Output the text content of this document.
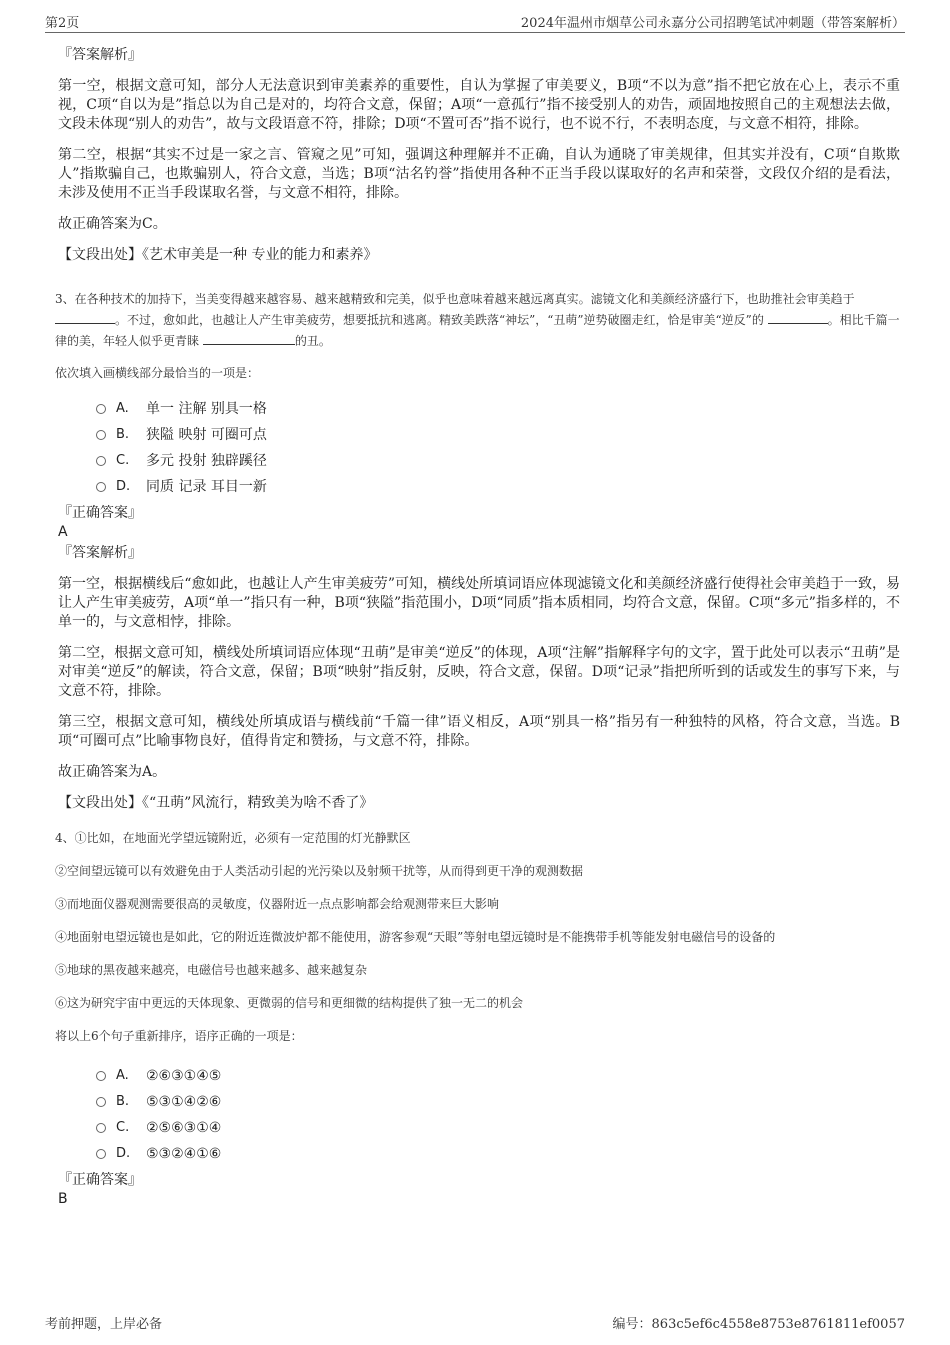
第2页	2024年温州市烟草公司永嘉分公司招聘笔试冲刺题（带答案解析）
『答案解析』

第一空，根据文意可知，部分人无法意识到审美素养的重要性，自认为掌握了审美要义，B项“不以为意”指不把它放在心上，表示不重视，C项“自以为是”指总以为自己是对的，均符合文意，保留；A项“一意孤行”指不接受别人的劝告，顽固地按照自己的主观想法去做，文段未体现“别人的劝告”，故与文段语意不符，排除；D项“不置可否”指不说行，也不说不行，不表明态度，与文意不相符，排除。

第二空，根据“其实不过是一家之言、管窥之见”可知，强调这种理解并不正确，自认为通晓了审美规律，但其实并没有，C项“自欺欺人”指欺骗自己，也欺骗别人，符合文意，当选；B项“沽名钓誉”指使用各种不正当手段以谋取好的名声和荣誉，文段仅介绍的是看法，未涉及使用不正当手段谋取名誉，与文意不相符，排除。

故正确答案为C。

【文段出处】《艺术审美是一种 专业的能力和素养》

3、在各种技术的加持下，当美变得越来越容易、越来越精致和完美，似乎也意味着越来越远离真实。滤镜文化和美颜经济盛行下，也助推社会审美趋于 。不过，愈如此，也越让人产生审美疲劳，想要抵抗和逃离。精致美跌落“神坛”，“丑萌”逆势破圈走红，恰是审美“逆反”的	。相比千篇一律的美，年轻人似乎更青睐	的丑。

依次填入画横线部分最恰当的一项是：

A.	单一 注解 别具一格
B.	狭隘 映射 可圈可点
C.	多元 投射 独辟蹊径
D.	同质 记录 耳目一新
『正确答案』

A

『答案解析』

第一空，根据横线后“愈如此，也越让人产生审美疲劳”可知，横线处所填词语应体现滤镜文化和美颜经济盛行使得社会审美趋于一致，易让人产生审美疲劳，A项“单一”指只有一种，B项“狭隘”指范围小，D项“同质”指本质相同，均符合文意，保留。C项“多元”指多样的，不单一的，与文意相悖，排除。

第二空，根据文意可知，横线处所填词语应体现“丑萌”是审美“逆反”的体现，A项“注解”指解释字句的文字，置于此处可以表示“丑萌”是对审美“逆反”的解读，符合文意，保留；B项“映射”指反射，反映，符合文意，保留。D项“记录”指把所听到的话或发生的事写下来，与文意不符，排除。

第三空，根据文意可知，横线处所填成语与横线前“千篇一律”语义相反，A项“别具一格”指另有一种独特的风格，符合文意，当选。B项“可圈可点”比喻事物良好，值得肯定和赞扬，与文意不符，排除。

故正确答案为A。

【文段出处】《“丑萌”风流行，精致美为啥不香了》

4、①比如，在地面光学望远镜附近，必须有一定范围的灯光静默区

②空间望远镜可以有效避免由于人类活动引起的光污染以及射频干扰等，从而得到更干净的观测数据

③而地面仪器观测需要很高的灵敏度，仪器附近一点点影响都会给观测带来巨大影响

④地面射电望远镜也是如此，它的附近连微波炉都不能使用，游客参观“天眼”等射电望远镜时是不能携带手机等能发射电磁信号的设备的

⑤地球的黑夜越来越亮，电磁信号也越来越多、越来越复杂

⑥这为研究宇宙中更远的天体现象、更微弱的信号和更细微的结构提供了独一无二的机会

将以上6个句子重新排序，语序正确的一项是：

A.	②⑥③①④⑤
B.	⑤③①④②⑥
C.	②⑤⑥③①④
D.	⑤③②④①⑥
『正确答案』

B

考前押题，上岸必备	编号：863c5ef6c4558e8753e8761811ef0057
